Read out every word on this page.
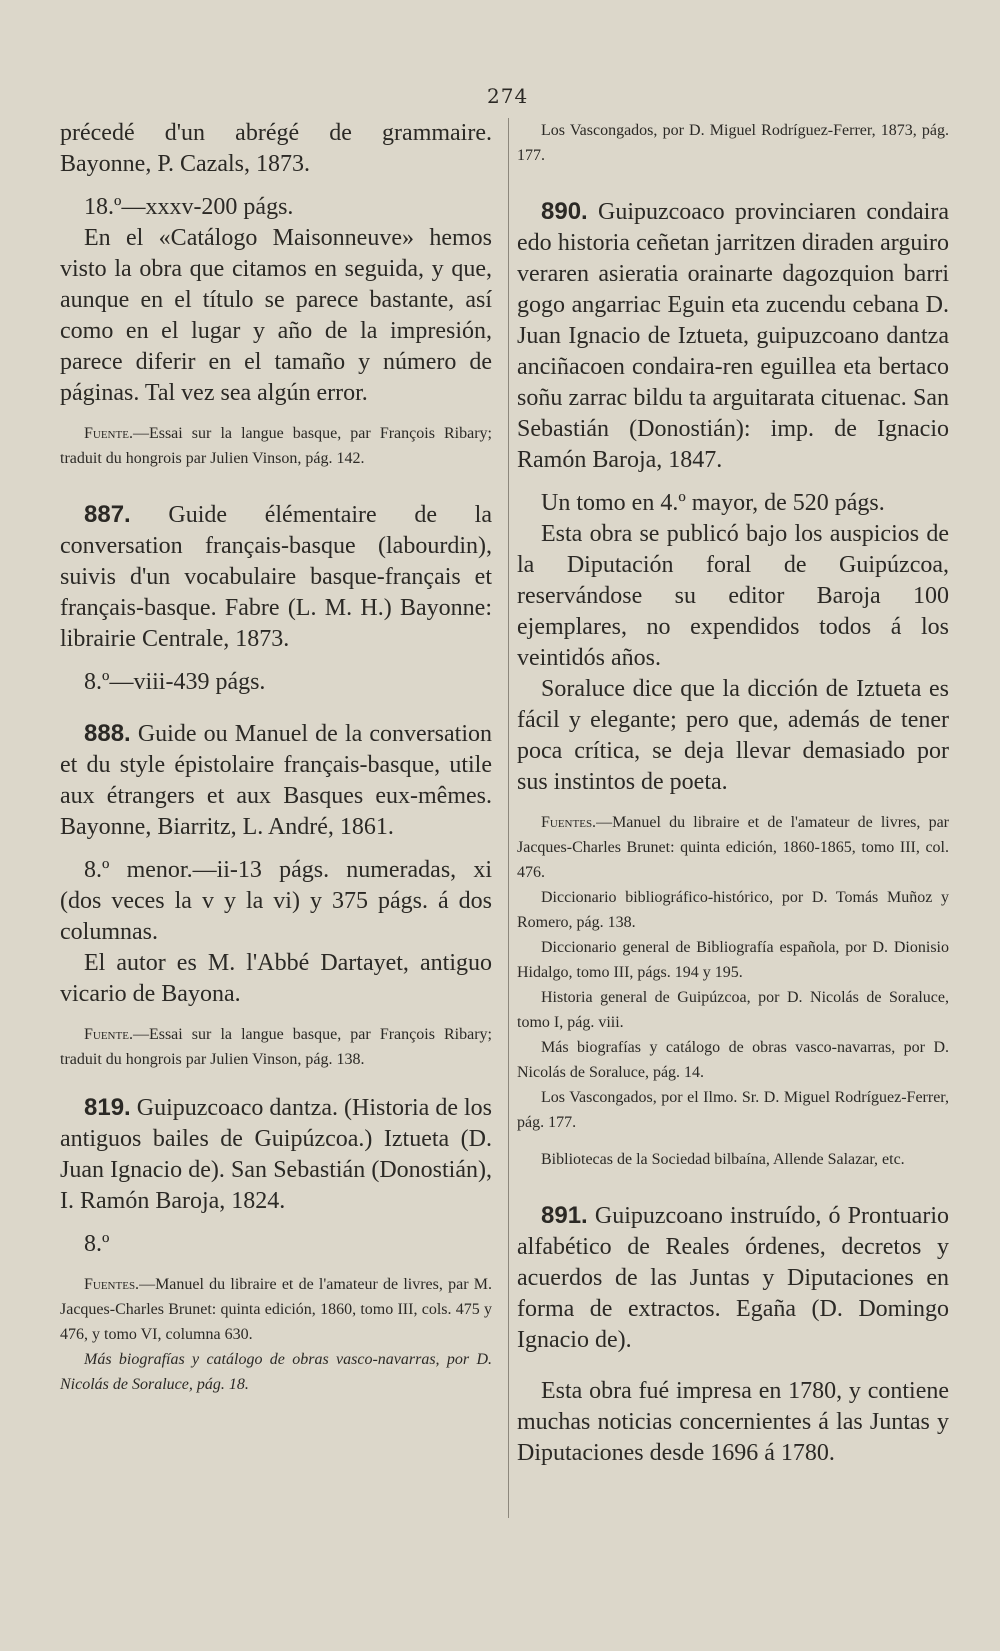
274

précedé d'un abrégé de grammaire. Bayonne, P. Cazals, 1873.

18.º—xxxv-200 págs.

En el «Catálogo Maisonneuve» hemos visto la obra que citamos en seguida, y que, aunque en el título se parece bastante, así como en el lugar y año de la impresión, parece diferir en el tamaño y número de páginas. Tal vez sea algún error.

Fuente.—Essai sur la langue basque, par François Ribary; traduit du hongrois par Julien Vinson, pág. 142.

887. Guide élémentaire de la conversation français-basque (labourdin), suivis d'un vocabulaire basque-français et français-basque. Fabre (L. M. H.) Bayonne: librairie Centrale, 1873.

8.º—viii-439 págs.

888. Guide ou Manuel de la conversation et du style épistolaire français-basque, utile aux étrangers et aux Basques eux-mêmes. Bayonne, Biarritz, L. André, 1861.

8.º menor.—ii-13 págs. numeradas, xi (dos veces la v y la vi) y 375 págs. á dos columnas.

El autor es M. l'Abbé Dartayet, antiguo vicario de Bayona.

Fuente.—Essai sur la langue basque, par François Ribary; traduit du hongrois par Julien Vinson, pág. 138.

819. Guipuzcoaco dantza. (Historia de los antiguos bailes de Guipúzcoa.) Iztueta (D. Juan Ignacio de). San Sebastián (Donostián), I. Ramón Baroja, 1824.

8.º

Fuentes.—Manuel du libraire et de l'amateur de livres, par M. Jacques-Charles Brunet: quinta edición, 1860, tomo III, cols. 475 y 476, y tomo VI, columna 630.

Más biografías y catálogo de obras vasco-navarras, por D. Nicolás de Soraluce, pág. 18.

Los Vascongados, por D. Miguel Rodríguez-Ferrer, 1873, pág. 177.

890. Guipuzcoaco provinciaren condaira edo historia ceñetan jarritzen diraden arguiro veraren asieratia orainarte dagozquion barri gogo angarriac Eguin eta zucendu cebana D. Juan Ignacio de Iztueta, guipuzcoano dantza anciñacoen condaira-ren eguillea eta bertaco soñu zarrac bildu ta arguitarata cituenac. San Sebastián (Donostián): imp. de Ignacio Ramón Baroja, 1847.

Un tomo en 4.º mayor, de 520 págs.

Esta obra se publicó bajo los auspicios de la Diputación foral de Guipúzcoa, reservándose su editor Baroja 100 ejemplares, no expendidos todos á los veintidós años.

Soraluce dice que la dicción de Iztueta es fácil y elegante; pero que, además de tener poca crítica, se deja llevar demasiado por sus instintos de poeta.

Fuentes.—Manuel du libraire et de l'amateur de livres, par Jacques-Charles Brunet: quinta edición, 1860-1865, tomo III, col. 476.

Diccionario bibliográfico-histórico, por D. Tomás Muñoz y Romero, pág. 138.

Diccionario general de Bibliografía española, por D. Dionisio Hidalgo, tomo III, págs. 194 y 195.

Historia general de Guipúzcoa, por D. Nicolás de Soraluce, tomo I, pág. viii.

Más biografías y catálogo de obras vasco-navarras, por D. Nicolás de Soraluce, pág. 14.

Los Vascongados, por el Ilmo. Sr. D. Miguel Rodríguez-Ferrer, pág. 177.

Bibliotecas de la Sociedad bilbaína, Allende Salazar, etc.

891. Guipuzcoano instruído, ó Prontuario alfabético de Reales órdenes, decretos y acuerdos de las Juntas y Diputaciones en forma de extractos. Egaña (D. Domingo Ignacio de).

Esta obra fué impresa en 1780, y contiene muchas noticias concernientes á las Juntas y Diputaciones desde 1696 á 1780.
